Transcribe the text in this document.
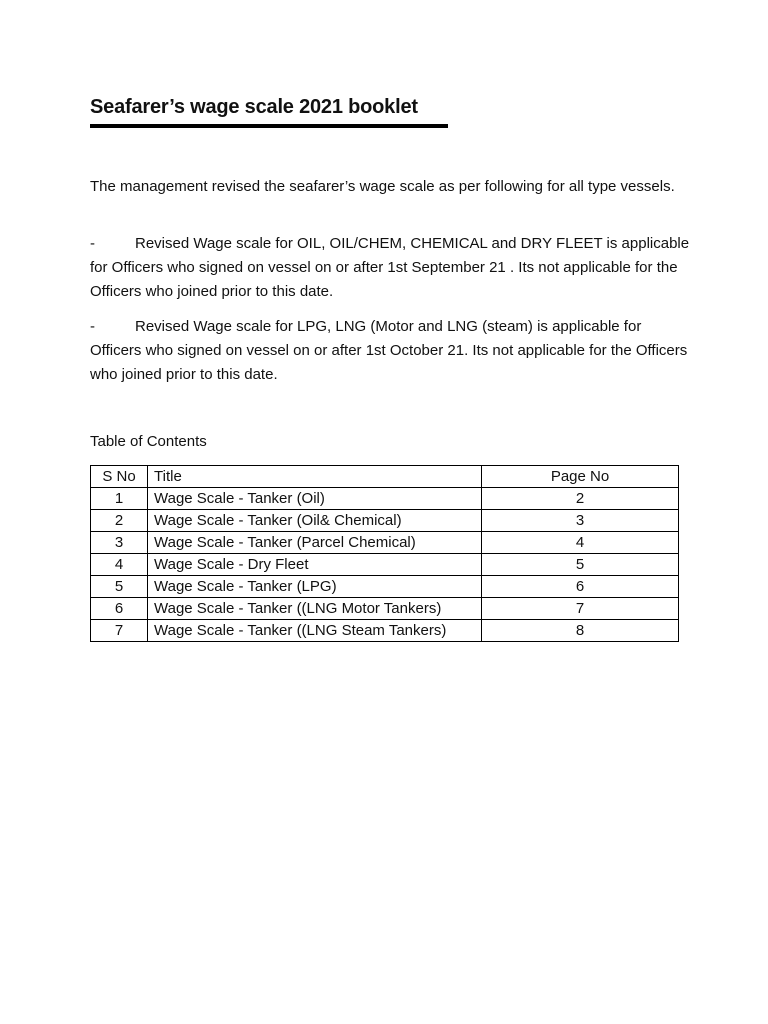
Seafarer’s wage scale 2021 booklet

The management revised the seafarer’s wage scale as per following for all type vessels.

-	Revised Wage scale for OIL, OIL/CHEM, CHEMICAL and DRY FLEET is applicable for Officers who signed on vessel on or after 1st September 21 . Its not applicable for the Officers who joined prior to this date.

-	Revised Wage scale for LPG, LNG (Motor and LNG (steam) is applicable for Officers who signed on vessel on or after 1st October 21. Its not applicable for the Officers who joined prior to this date.

Table of Contents
S No	Title	Page No
1	Wage Scale - Tanker (Oil)	2
2	Wage Scale - Tanker (Oil& Chemical)	3
3	Wage Scale - Tanker (Parcel Chemical)	4
4	Wage Scale - Dry Fleet	5
5	Wage Scale - Tanker (LPG)	6
6	Wage Scale - Tanker ((LNG Motor Tankers)	7
7	Wage Scale - Tanker ((LNG Steam Tankers)	8
